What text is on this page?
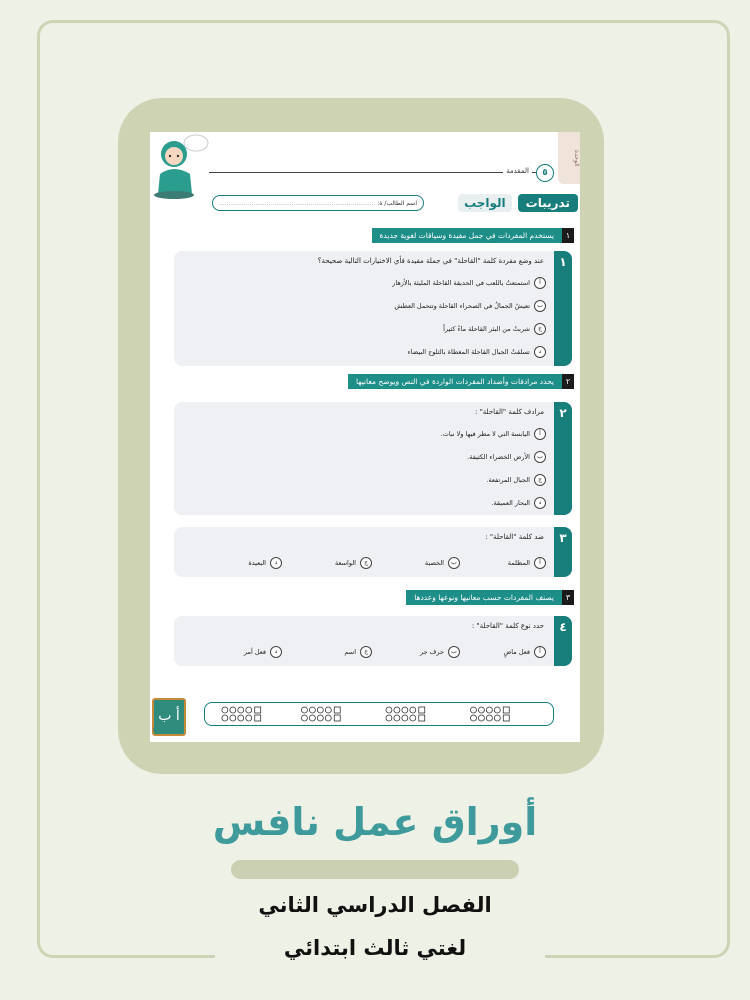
الوحدة
٥
المقدمة
تدريبات
الواجب
اسم الطالب/ ة: ..................................................................................
١
يستخدم المفردات في جمل مفيدة وسياقات لغوية جديدة
١
عند وضع مفردة كلمة "القاحلة" في جملة مفيدة فأي الاختيارات التالية صحيحة؟
أ
استمتعتُ باللعب في الحديقة القاحلة المليئة بالأزهار
ب
تعيشُ الجمالُ في الصحراء القاحلة وتتحمل العطش
ج
شربتُ من البئر القاحلة ماءً كثيراً
د
تسلقتُ الجبال القاحلة المغطاة بالثلوج البيضاء
٢
يحدد مرادفات وأضداد المفردات الواردة في النص ويوضح معانيها
٢
مرادف كلمة "القاحلة" :
أ
اليابسة التي لا مطر فيها ولا نبات.
ب
الأرض الخضراء الكثيفة.
ج
الجبال المرتفعة.
د
البحار العميقة.
٣
ضد كلمة "القاحلة" :
أ
المظلمة
ب
الخصبة
ج
الواسعة
د
البعيدة
٣
يصنف المفردات حسب معانيها ونوعها وعددها
٤
حدد نوع كلمة "القاحلة" :
أ
فعل ماضٍ
ب
حرف جر
ج
اسم
د
فعل أمر
أ ب
١
أوراق عمل نافس
الفصل الدراسي الثاني
لغتي ثالث ابتدائي
